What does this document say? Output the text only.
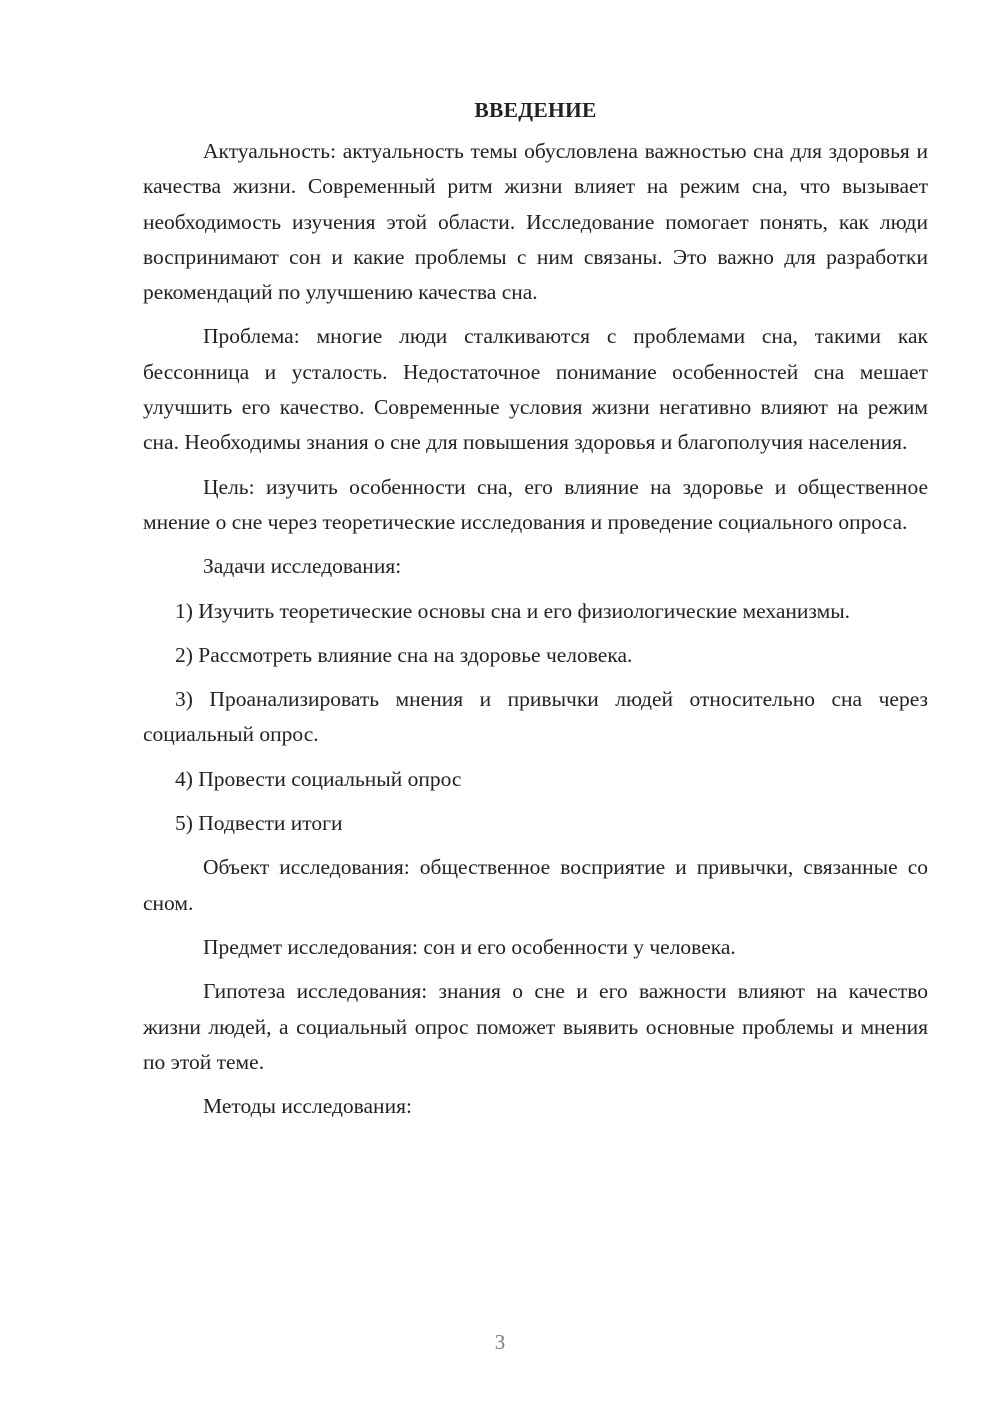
ВВЕДЕНИЕ

Актуальность: актуальность темы обусловлена важностью сна для здоровья и качества жизни. Современный ритм жизни влияет на режим сна, что вызывает необходимость изучения этой области. Исследование помогает понять, как люди воспринимают сон и какие проблемы с ним связаны. Это важно для разработки рекомендаций по улучшению качества сна.

Проблема: многие люди сталкиваются с проблемами сна, такими как бессонница и усталость. Недостаточное понимание особенностей сна мешает улучшить его качество. Современные условия жизни негативно влияют на режим сна. Необходимы знания о сне для повышения здоровья и благополучия населения.

Цель: изучить особенности сна, его влияние на здоровье и общественное мнение о сне через теоретические исследования и проведение социального опроса.

Задачи исследования:

1) Изучить теоретические основы сна и его физиологические механизмы.

2) Рассмотреть влияние сна на здоровье человека.

3) Проанализировать мнения и привычки людей относительно сна через социальный опрос.

4) Провести социальный опрос

5) Подвести итоги

Объект исследования: общественное восприятие и привычки, связанные со сном.

Предмет исследования: сон и его особенности у человека.

Гипотеза исследования: знания о сне и его важности влияют на качество жизни людей, а социальный опрос поможет выявить основные проблемы и мнения по этой теме.

Методы исследования:

3
